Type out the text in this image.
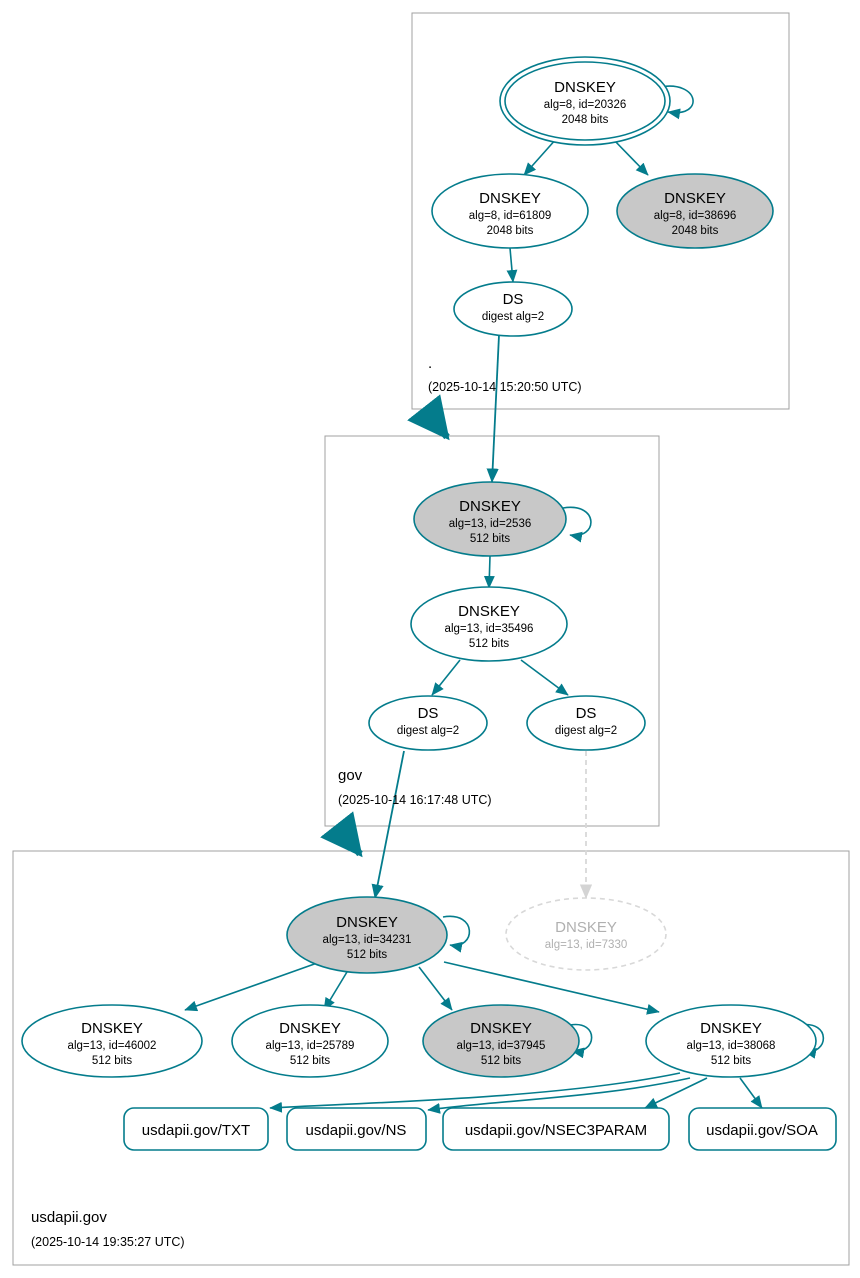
DNSKEY
alg=8, id=20326
2048 bits
DNSKEY
alg=8, id=61809
2048 bits
DNSKEY
alg=8, id=38696
2048 bits
DS
digest alg=2
DNSKEY
alg=13, id=2536
512 bits
DNSKEY
alg=13, id=35496
512 bits
DS
digest alg=2
DS
digest alg=2
DNSKEY
alg=13, id=34231
512 bits
DNSKEY
alg=13, id=7330
DNSKEY
alg=13, id=46002
512 bits
DNSKEY
alg=13, id=25789
512 bits
DNSKEY
alg=13, id=37945
512 bits
DNSKEY
alg=13, id=38068
512 bits
usdapii.gov/TXT	usdapii.gov/NS	usdapii.gov/NSEC3PARAM	usdapii.gov/SOA
.
(2025-10-14 15:20:50 UTC)
gov
(2025-10-14 16:17:48 UTC)
usdapii.gov
(2025-10-14 19:35:27 UTC)
